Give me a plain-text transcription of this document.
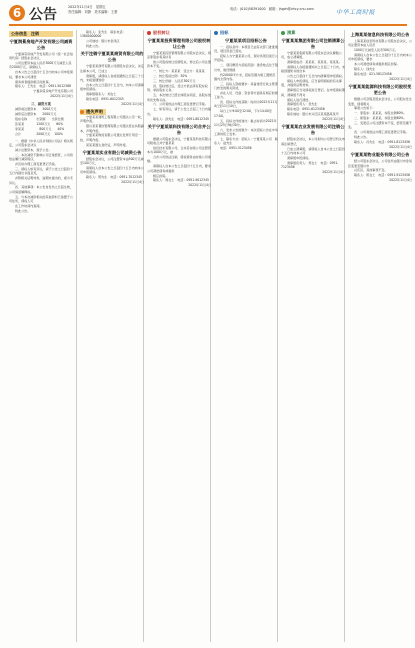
6 公告	2022年11月4日　星期五
责任编辑：刘静　美术编辑：王蕾
电话：(010)58391000　邮箱：jhgzh@zhcy-cnu.com	中华工商时报
公告信息　注销
宁夏润景房地产开发有限公司减资公告

宁夏润景房地产开发有限公司（统一社会信用代码）经股东会决议，

公司注册资本由人民币3000万元减至人民币2000万元，请债权人

自本公告之日起四十五日内向本公司申报债权，要求本公司清偿

债务或者提供相应的担保。

联系人：王先生　电话：0951-5012388

宁夏润景房地产开发有限公司

2022年11月4日

三、减资方案

减资前注册资本　　3000万元

减资后注册资本　　2000万元

股东名称　　　出资额　　出资比例

张某某　　　　1200万元　　60%

李某某　　　　　800万元　　40%

合计　　　　　2000万元　 100%

一、根据《中华人民共和国公司法》相关规定，公司股东会决议

减少注册资本，现予公告。

二、本次减资不影响公司正常经营，公司将依法履行减资程序，

并及时办理工商变更登记手续。

三、债权人如有异议，请于公告之日起四十五日内提出书面意见，

并附相关证明材料，逾期未提出的，视为无异议。

四、其他事项：本公告自发布之日起生效，公司保留解释权。

五、与本次减资相关的其他资料已备置于公司住所，债权人可

在工作时间内查阅。

特此公告。

联系人：张先生　联系电话：13800000000

公司地址：银川市金凤区

特此公告。

关于注销宁夏某某商贸有限公司的公告

宁夏某某商贸有限公司经股东会决议，决定注销本公司，已成立

清算组，请债权人自接到通知之日起三十日内，未接到通知的

自本公告之日起四十五日内，向本公司清算组申报债权。

清算组联系人：刘女士

联系电话：0951-6012345

2022年11月4日

遗失声明

宁夏某某建筑工程有限公司遗失公章一枚，声明作废。

银川某某餐饮管理有限公司遗失营业执照副本，声明作废。

宁夏某某物流有限公司遗失发票专用章一枚，声明作废。

某某某遗失身份证，声明作废。

宁夏某某实业有限公司减资公告

经股东会决议，公司注册资本由500万元减至100万元，

请债权人自本公告之日起四十五日内向本公司申报债权。

联系人：陈先生　电话：0951-7012345

2022年11月4日

股权转让
宁夏某某投资管理有限公司股权转让公告

宁夏某某投资管理有限公司股东会决议，同意原股东将其持有

的公司股权转让给新股东，转让后公司注册资本不变。

一、转让方：某某某　受让方：某某某

二、转让股权比例：30%

三、转让价格：人民币300万元

四、股权转让后，受让方依法享有股东权利、承担股东义务。

五、本次转让已经全体股东同意，各股东放弃优先购买权。

六、公司将依法办理工商变更登记手续。

七、如有异议，请于公告之日起三十日内提出。

联系人：孙先生　电话：0951-8012345

关于宁夏某某科技有限公司合并公告

根据公司股东会决议，宁夏某某科技有限公司吸收合并宁夏某某

信息技术有限公司，合并后存续公司注册资本为1000万元，被

合并公司依法注销，债权债务由存续公司承继。

请债权人自本公告之日起四十五日内，要求公司清偿债务或提供

相应担保。

联系人：周女士　电话：0951-9012345

2022年11月4日

招标
宁夏某某项目招标公告

一、招标条件：本项目已由有关部门批准建设，项目资金已落实，

招标人为宁夏某某公司，现对该项目进行公开招标。

二、项目概况与招标范围：建设地点位于银川市，建设规模

约20000平方米，招标范围为施工图纸范围内全部内容。

三、投标人资格要求：具备建设行政主管部门核发的相关资质，

并在人员、设备、资金等方面具有相应的施工能力。

四、招标文件的获取：时间为2022年11月4日至11月10日，

每日上午9:00至12:00，下午14:00至17:00。

五、投标文件的递交：截止时间为2022年11月25日9时30分。

六、发布公告的媒介：本次招标公告在中华工商时报上发布。

七、联系方式：招标人：宁夏某某公司　联系人：赵先生

电话：0951-5123456

清算
宁夏某某集团有限公司注销清算公告

宁夏某某集团有限公司股东会决议解散公司，成立清算组，

清算组成员：某某某、某某某、某某某。

请债权人自接到通知书之日起三十日内，未接到通知书的自本

公告之日起四十五日内向清算组申报债权。

债权人申报债权，应当说明债权的有关事项，并提供证明材料。

清算组应当对债权进行登记。在申报债权期间，清算组不得对

债权人进行清偿。

清算组负责人：吴先生

联系电话：0951-6123456

联系地址：银川市兴庆区某某路某某号

2022年11月4日

宁夏某某农业发展有限公司注销公告

经股东会决议，本公司拟向公司登记机关申请注销登记，

已成立清算组，请债权人自本公告之日起四十五日内向本公司

清算组申报债权。

清算组负责人：郑女士　电话：0951-7123456

2022年11月4日

上海某某信息科技有限公司公告

上海某某信息科技有限公司股东会决议，公司注册资本由人民币

1000万元减至人民币500万元。

请债权人自本公告之日起四十五日内向本公司申报债权，要求

本公司清偿债务或提供相应担保。

联系人：钱先生

联系电话：021-58123456

2022年11月4日

宁夏某某能源科技有限公司股权变更公告

根据公司章程及股东会决议，公司股东发生变更，现将相关

事项公告如下：

一、原股东：某某某，持股比例60%。

二、新股东：某某某，持股比例60%。

三、变更后公司注册资本不变，经营范围不变。

四、公司将依法办理工商变更登记手续。

特此公告。

联系人：冯先生　电话：0951-8123456

2022年11月4日

宁夏某某物业服务有限公司公告

经公司股东会决议，公司住所由银川市金凤区变更至银川市

兴庆区，其他事项不变。

联系人：陈女士　电话：0951-9123456

2022年11月4日
